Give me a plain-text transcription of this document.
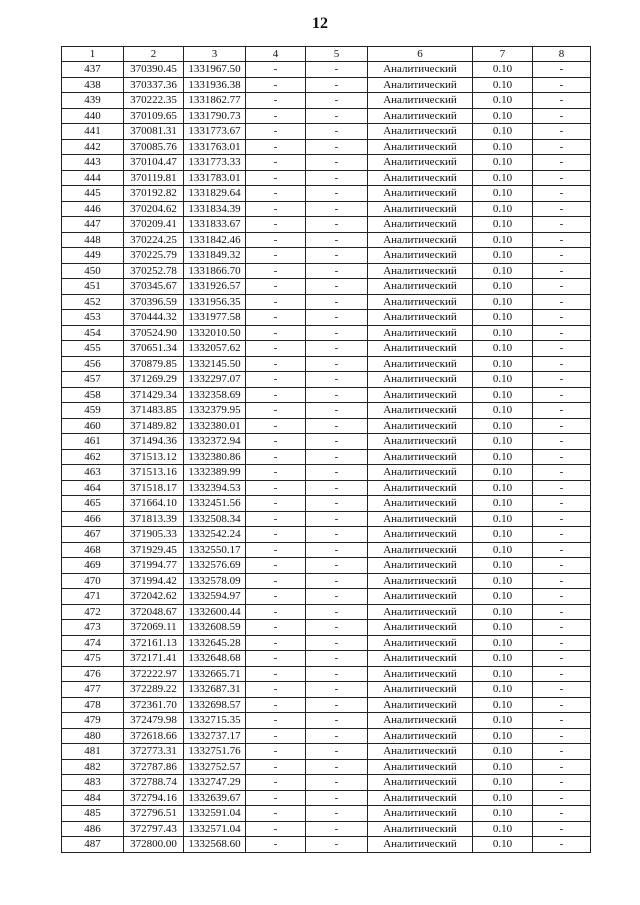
12
1	2	3	4	5	6	7	8
437	370390.45	1331967.50	-	-	Аналитический	0.10	-
438	370337.36	1331936.38	-	-	Аналитический	0.10	-
439	370222.35	1331862.77	-	-	Аналитический	0.10	-
440	370109.65	1331790.73	-	-	Аналитический	0.10	-
441	370081.31	1331773.67	-	-	Аналитический	0.10	-
442	370085.76	1331763.01	-	-	Аналитический	0.10	-
443	370104.47	1331773.33	-	-	Аналитический	0.10	-
444	370119.81	1331783.01	-	-	Аналитический	0.10	-
445	370192.82	1331829.64	-	-	Аналитический	0.10	-
446	370204.62	1331834.39	-	-	Аналитический	0.10	-
447	370209.41	1331833.67	-	-	Аналитический	0.10	-
448	370224.25	1331842.46	-	-	Аналитический	0.10	-
449	370225.79	1331849.32	-	-	Аналитический	0.10	-
450	370252.78	1331866.70	-	-	Аналитический	0.10	-
451	370345.67	1331926.57	-	-	Аналитический	0.10	-
452	370396.59	1331956.35	-	-	Аналитический	0.10	-
453	370444.32	1331977.58	-	-	Аналитический	0.10	-
454	370524.90	1332010.50	-	-	Аналитический	0.10	-
455	370651.34	1332057.62	-	-	Аналитический	0.10	-
456	370879.85	1332145.50	-	-	Аналитический	0.10	-
457	371269.29	1332297.07	-	-	Аналитический	0.10	-
458	371429.34	1332358.69	-	-	Аналитический	0.10	-
459	371483.85	1332379.95	-	-	Аналитический	0.10	-
460	371489.82	1332380.01	-	-	Аналитический	0.10	-
461	371494.36	1332372.94	-	-	Аналитический	0.10	-
462	371513.12	1332380.86	-	-	Аналитический	0.10	-
463	371513.16	1332389.99	-	-	Аналитический	0.10	-
464	371518.17	1332394.53	-	-	Аналитический	0.10	-
465	371664.10	1332451.56	-	-	Аналитический	0.10	-
466	371813.39	1332508.34	-	-	Аналитический	0.10	-
467	371905.33	1332542.24	-	-	Аналитический	0.10	-
468	371929.45	1332550.17	-	-	Аналитический	0.10	-
469	371994.77	1332576.69	-	-	Аналитический	0.10	-
470	371994.42	1332578.09	-	-	Аналитический	0.10	-
471	372042.62	1332594.97	-	-	Аналитический	0.10	-
472	372048.67	1332600.44	-	-	Аналитический	0.10	-
473	372069.11	1332608.59	-	-	Аналитический	0.10	-
474	372161.13	1332645.28	-	-	Аналитический	0.10	-
475	372171.41	1332648.68	-	-	Аналитический	0.10	-
476	372222.97	1332665.71	-	-	Аналитический	0.10	-
477	372289.22	1332687.31	-	-	Аналитический	0.10	-
478	372361.70	1332698.57	-	-	Аналитический	0.10	-
479	372479.98	1332715.35	-	-	Аналитический	0.10	-
480	372618.66	1332737.17	-	-	Аналитический	0.10	-
481	372773.31	1332751.76	-	-	Аналитический	0.10	-
482	372787.86	1332752.57	-	-	Аналитический	0.10	-
483	372788.74	1332747.29	-	-	Аналитический	0.10	-
484	372794.16	1332639.67	-	-	Аналитический	0.10	-
485	372796.51	1332591.04	-	-	Аналитический	0.10	-
486	372797.43	1332571.04	-	-	Аналитический	0.10	-
487	372800.00	1332568.60	-	-	Аналитический	0.10	-
